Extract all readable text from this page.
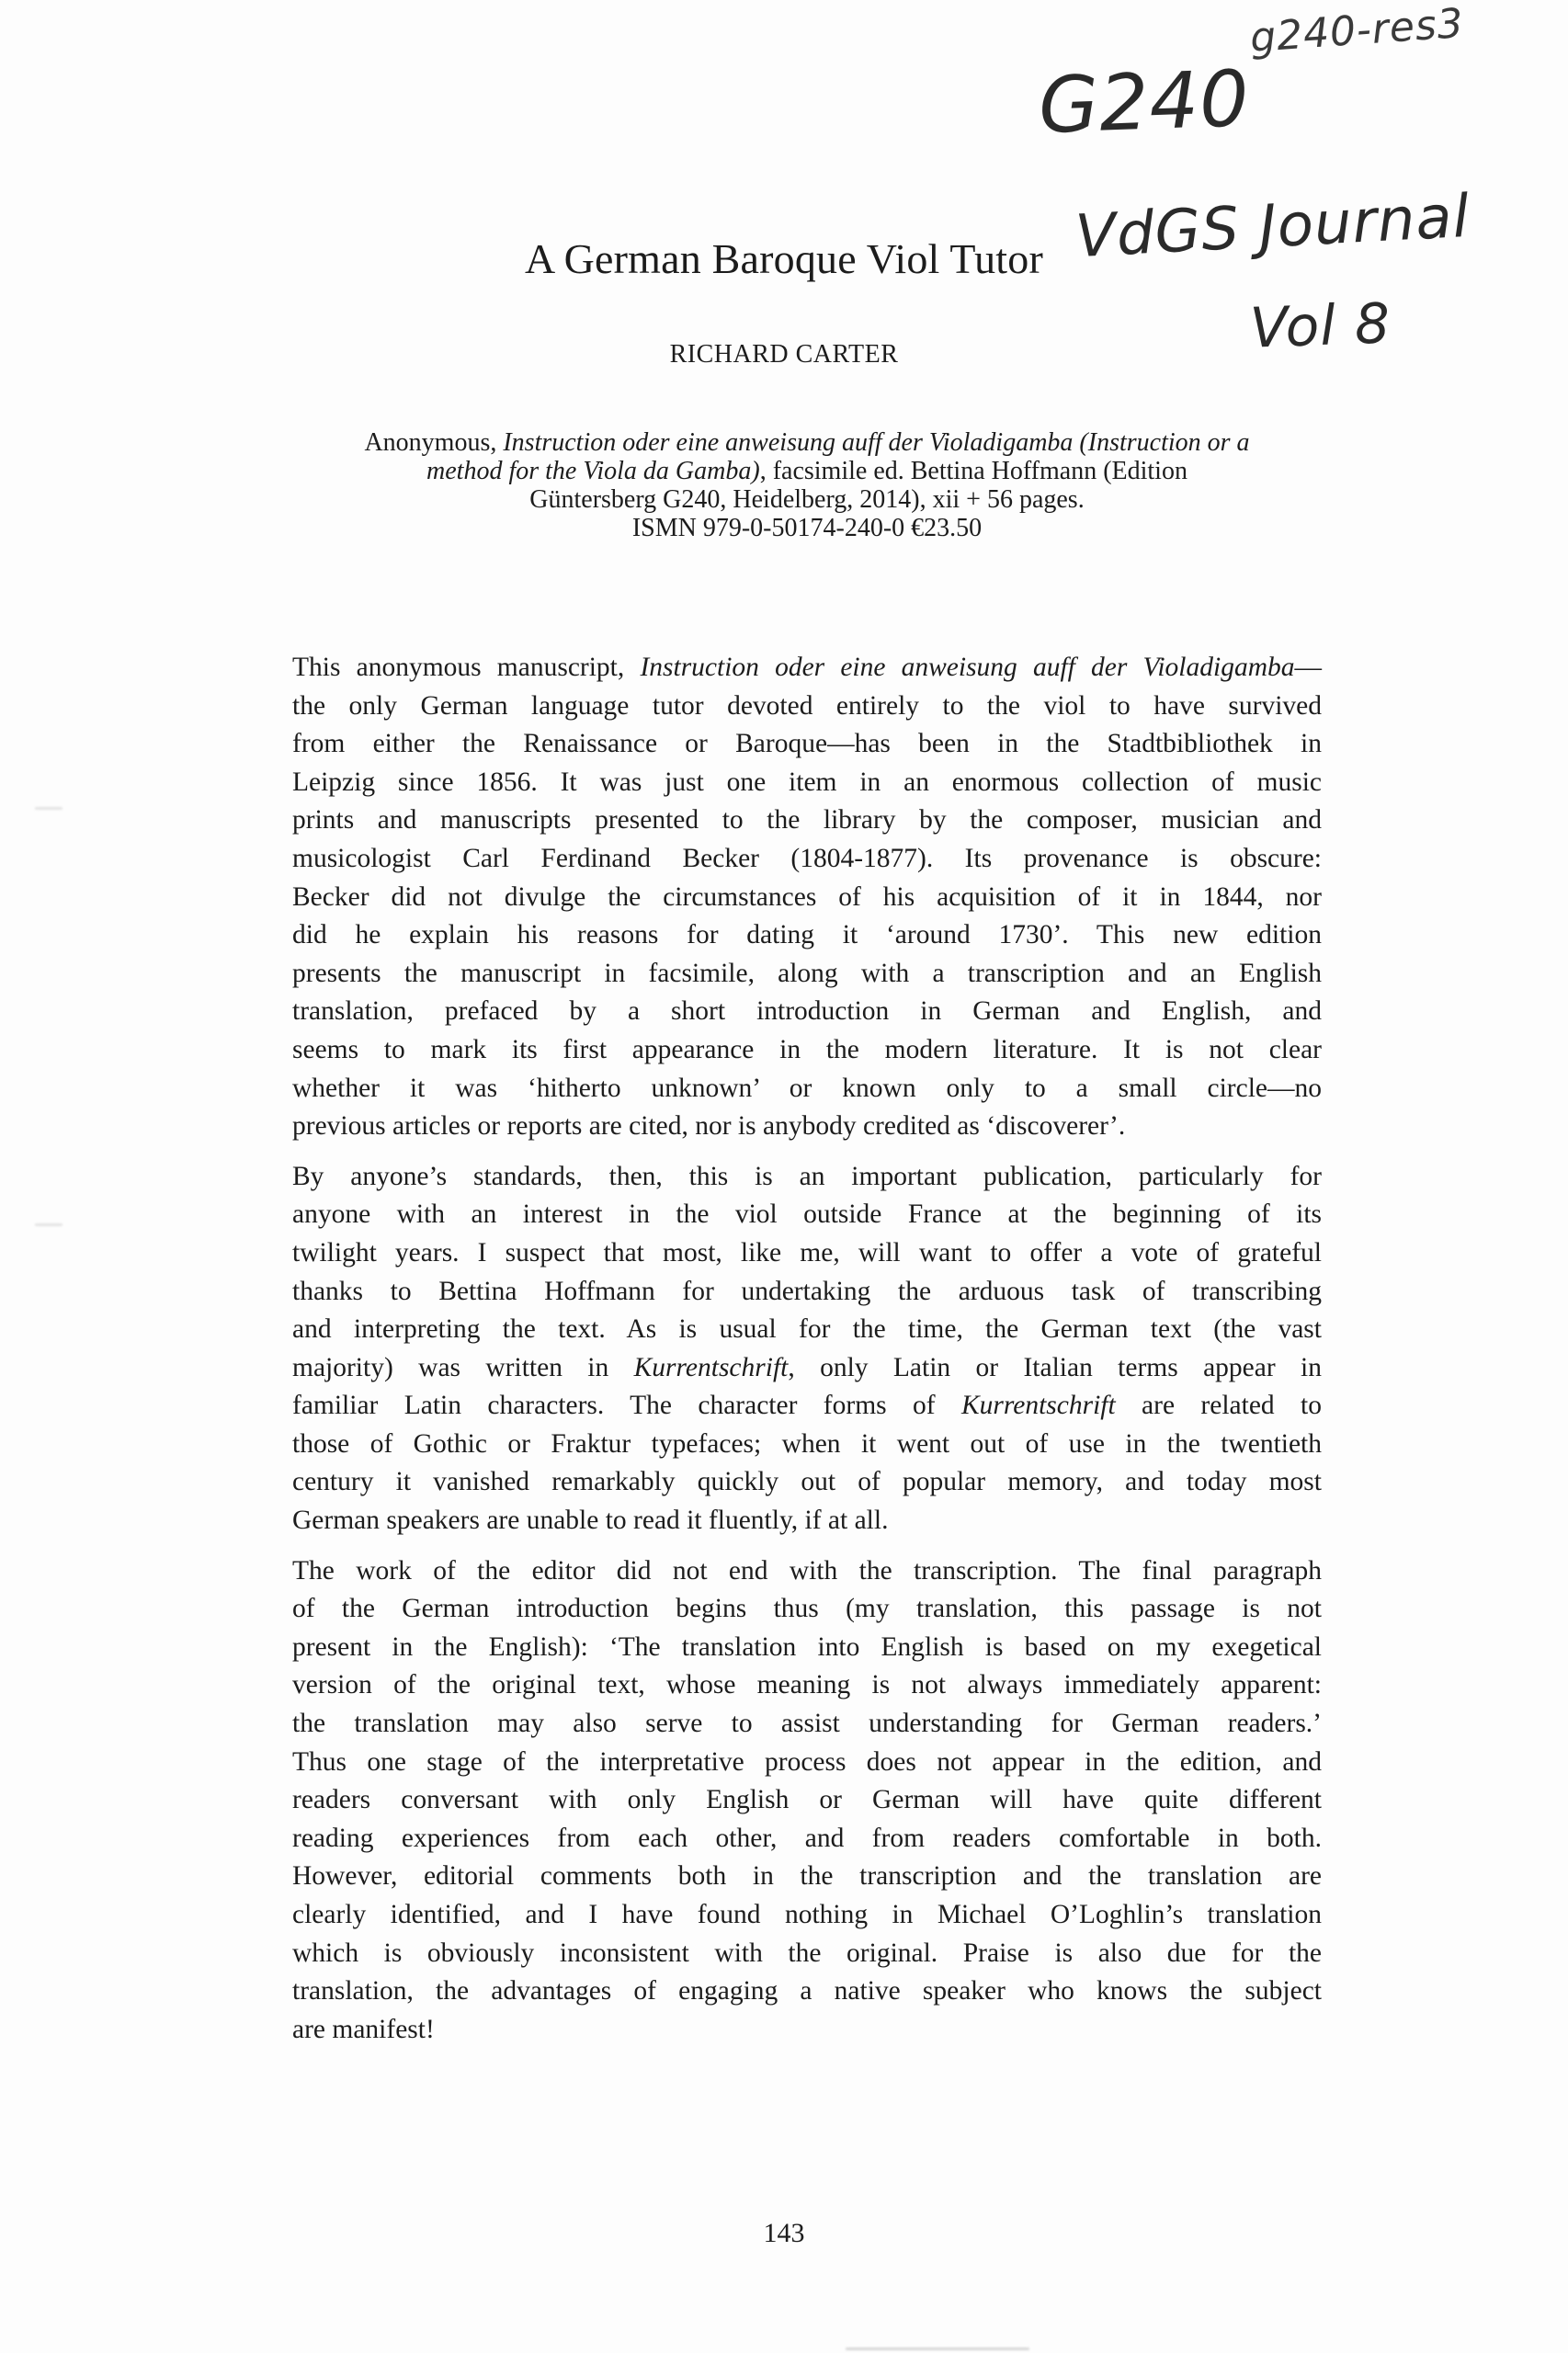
g240-res3
G240
VdGS Journal
Vol 8
A German Baroque Viol Tutor
RICHARD CARTER
Anonymous, Instruction oder eine anweisung auff der Violadigamba (Instruction or a
method for the Viola da Gamba), facsimile ed. Bettina Hoffmann (Edition
Güntersberg G240, Heidelberg, 2014), xii + 56 pages.
ISMN 979-0-50174-240-0 €23.50

This anonymous manuscript, Instruction oder eine anweisung auff der Violadigamba—
the only German language tutor devoted entirely to the viol to have survived
from either the Renaissance or Baroque—has been in the Stadtbibliothek in
Leipzig since 1856. It was just one item in an enormous collection of music
prints and manuscripts presented to the library by the composer, musician and
musicologist Carl Ferdinand Becker (1804-1877). Its provenance is obscure:
Becker did not divulge the circumstances of his acquisition of it in 1844, nor
did he explain his reasons for dating it ‘around 1730’. This new edition
presents the manuscript in facsimile, along with a transcription and an English
translation, prefaced by a short introduction in German and English, and
seems to mark its first appearance in the modern literature. It is not clear
whether it was ‘hitherto unknown’ or known only to a small circle—no
previous articles or reports are cited, nor is anybody credited as ‘discoverer’.

By anyone’s standards, then, this is an important publication, particularly for
anyone with an interest in the viol outside France at the beginning of its
twilight years. I suspect that most, like me, will want to offer a vote of grateful
thanks to Bettina Hoffmann for undertaking the arduous task of transcribing
and interpreting the text. As is usual for the time, the German text (the vast
majority) was written in Kurrentschrift, only Latin or Italian terms appear in
familiar Latin characters. The character forms of Kurrentschrift are related to
those of Gothic or Fraktur typefaces; when it went out of use in the twentieth
century it vanished remarkably quickly out of popular memory, and today most
German speakers are unable to read it fluently, if at all.

The work of the editor did not end with the transcription. The final paragraph
of the German introduction begins thus (my translation, this passage is not
present in the English): ‘The translation into English is based on my exegetical
version of the original text, whose meaning is not always immediately apparent:
the translation may also serve to assist understanding for German readers.’
Thus one stage of the interpretative process does not appear in the edition, and
readers conversant with only English or German will have quite different
reading experiences from each other, and from readers comfortable in both.
However, editorial comments both in the transcription and the translation are
clearly identified, and I have found nothing in Michael O’Loghlin’s translation
which is obviously inconsistent with the original. Praise is also due for the
translation, the advantages of engaging a native speaker who knows the subject
are manifest!

143
